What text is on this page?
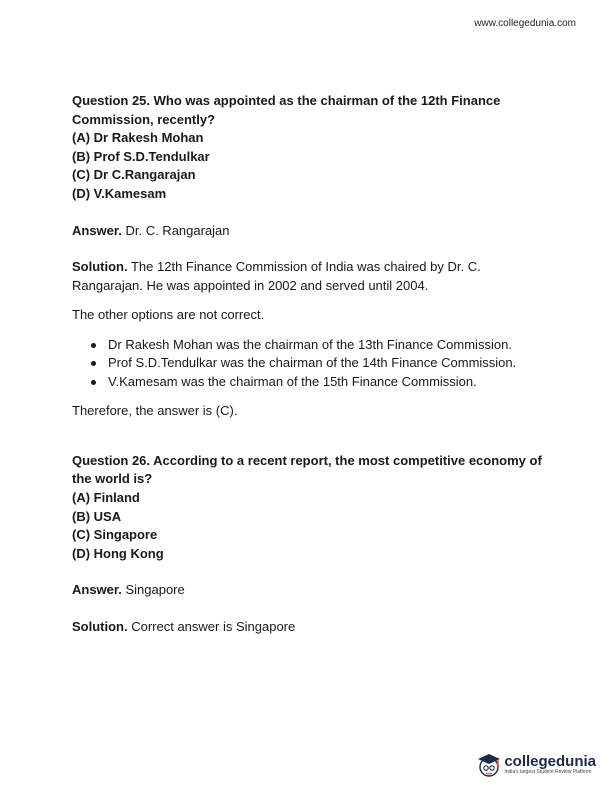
www.collegedunia.com

Question 25. Who was appointed as the chairman of the 12th Finance Commission, recently?

(A) Dr Rakesh Mohan

(B) Prof S.D.Tendulkar

(C) Dr C.Rangarajan

(D) V.Kamesam

Answer. Dr. C. Rangarajan

Solution. The 12th Finance Commission of India was chaired by Dr. C. Rangarajan. He was appointed in 2002 and served until 2004.

The other options are not correct.

Dr Rakesh Mohan was the chairman of the 13th Finance Commission.
Prof S.D.Tendulkar was the chairman of the 14th Finance Commission.
V.Kamesam was the chairman of the 15th Finance Commission.

Therefore, the answer is (C).

Question 26. According to a recent report, the most competitive economy of the world is?

(A) Finland

(B) USA

(C) Singapore

(D) Hong Kong

Answer. Singapore

Solution. Correct answer is Singapore

collegedunia
India's largest Student Review Platform
